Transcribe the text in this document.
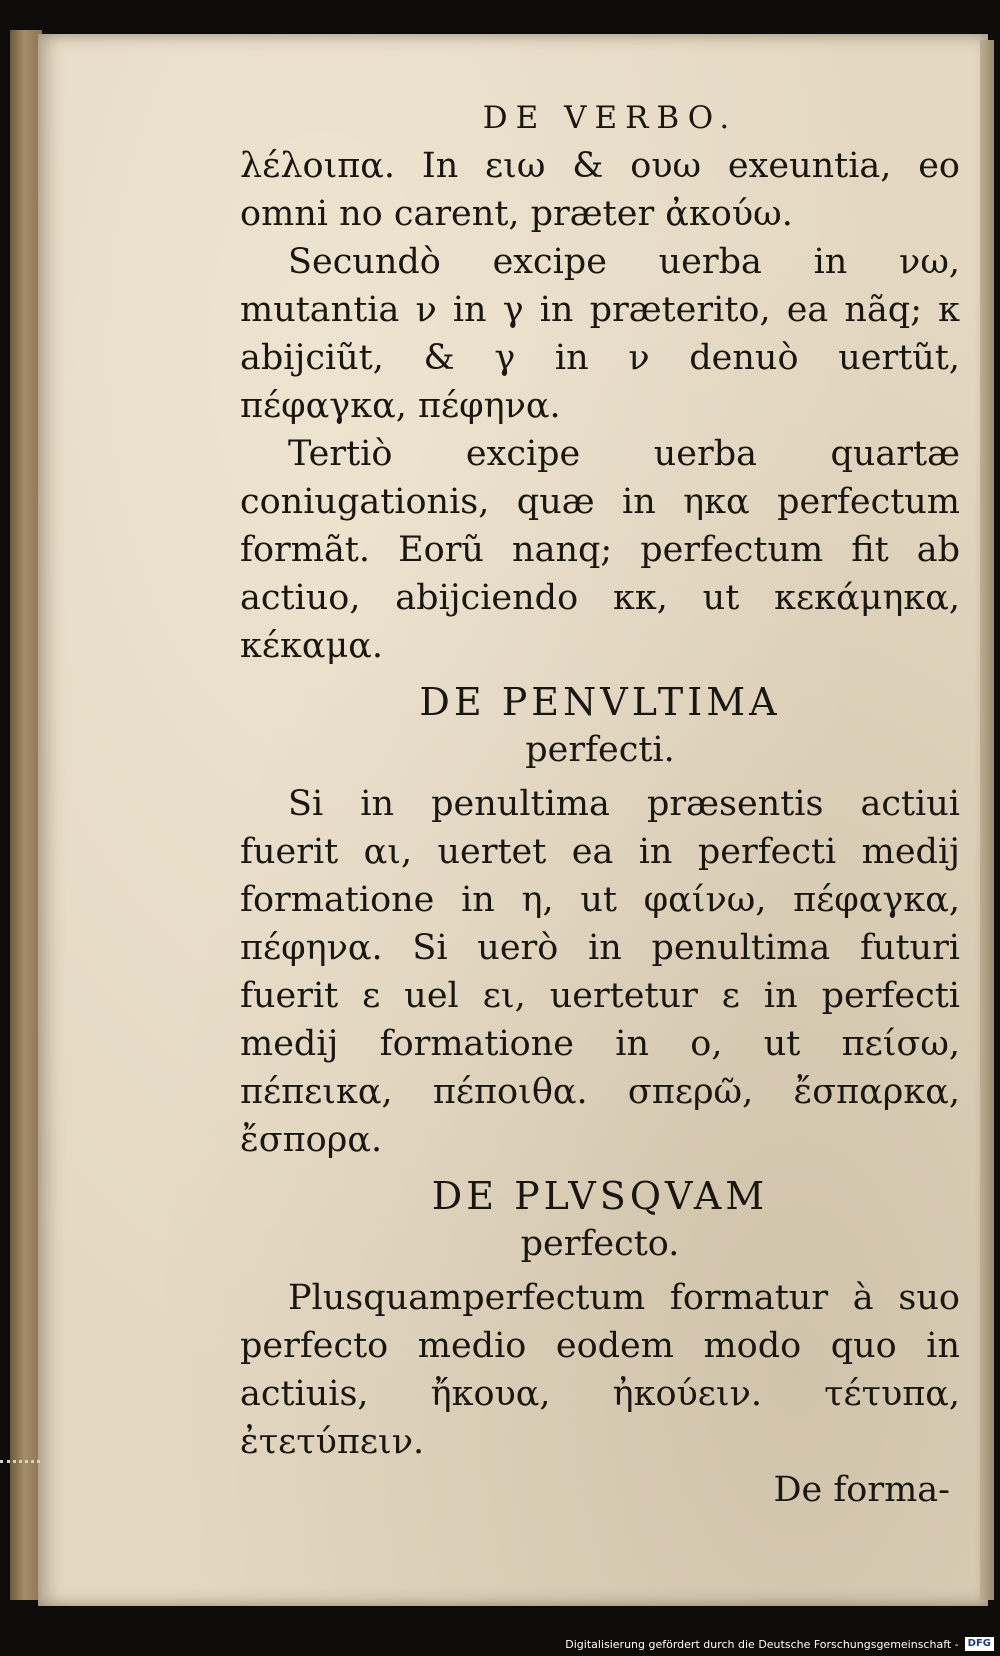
DE VERBO.

λέλοιπα. In ειω & ουω exeuntia, eo omni no carent, præter ἀκούω.

Secundò excipe uerba in νω, mutantia ν in γ in præterito, ea nãq; κ abijciũt, & γ in ν denuò uertũt, πέφαγκα, πέφηνα.

Tertiò excipe uerba quartæ coniugationis, quæ in ηκα perfectum formãt. Eorũ nanq; perfectum fit ab actiuo, abijciendo κκ, ut κεκάμηκα, κέκαμα.

DE PENVLTIMA
perfecti.

Si in penultima præsentis actiui fuerit αι, uertet ea in perfecti medij formatione in η, ut φαίνω, πέφαγκα, πέφηνα. Si uerò in penultima futuri fuerit ε uel ει, uertetur ε in perfecti medij formatione in ο, ut πείσω, πέπεικα, πέποιθα. σπερῶ, ἔσπαρκα, ἔσπορα.

DE PLVSQVAM
perfecto.

Plusquamperfectum formatur à suo perfecto medio eodem modo quo in actiuis, ἤκουα, ἠκούειν. τέτυπα, ἐτετύπειν.

De forma-
Digitalisierung gefördert durch die Deutsche Forschungsgemeinschaft - DFG
